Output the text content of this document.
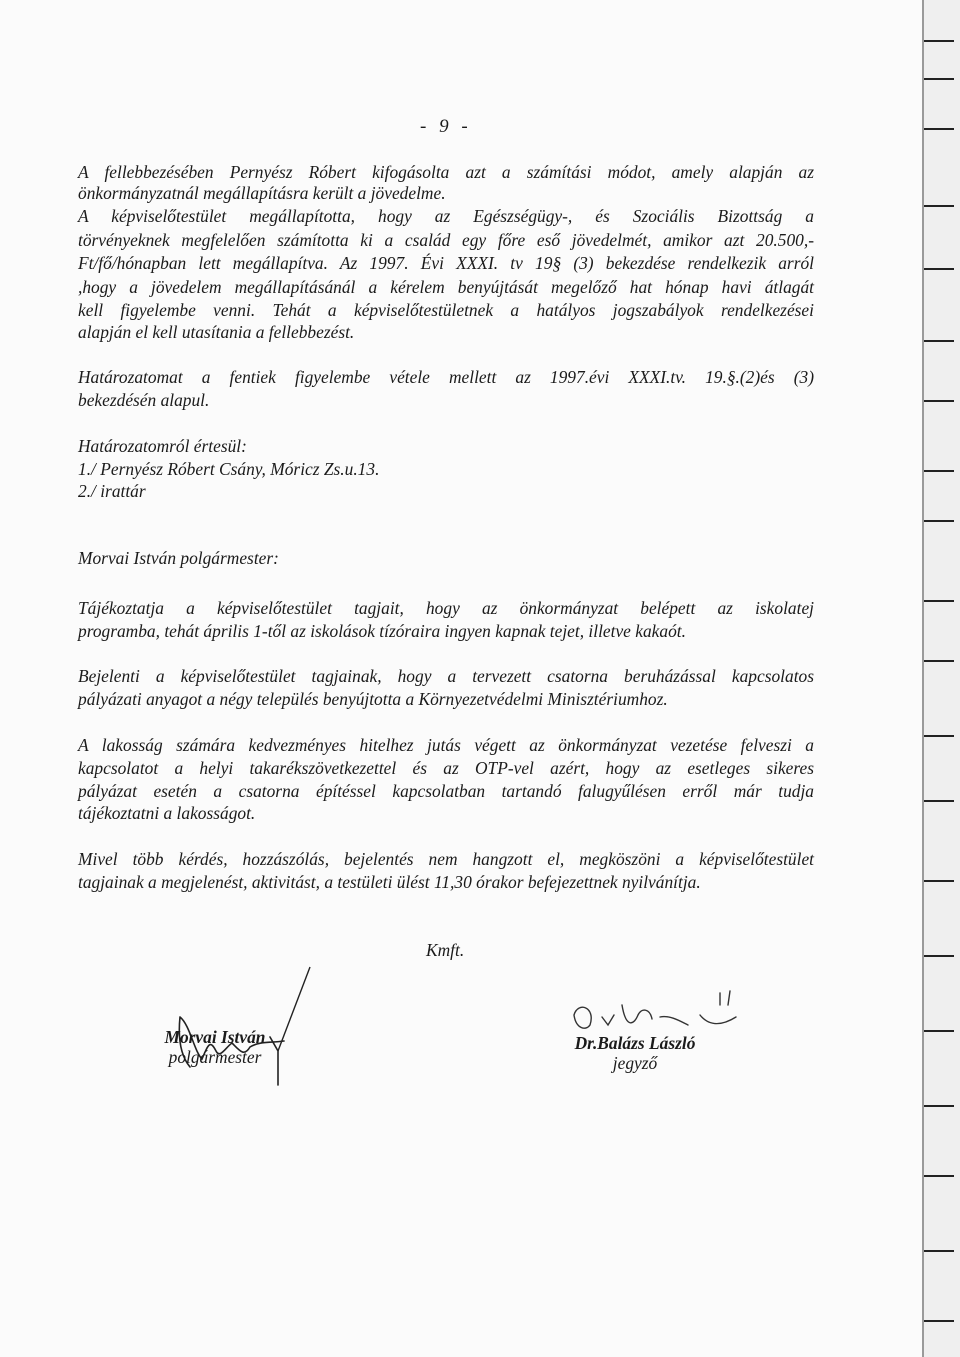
- 9 -

A fellebbezésében Pernyész Róbert kifogásolta azt a számítási módot, amely alapján az

önkormányzatnál megállapításra került a jövedelme.

A képviselőtestület megállapította, hogy az Egészségügy-, és Szociális Bizottság a

törvényeknek megfelelően számította ki a család egy főre eső jövedelmét, amikor azt 20.500,-

Ft/fő/hónapban lett megállapítva. Az 1997. Évi XXXI. tv 19§ (3) bekezdése rendelkezik arról

,hogy a jövedelem megállapításánál a kérelem benyújtását megelőző hat hónap havi átlagát

kell figyelembe venni. Tehát a képviselőtestületnek a hatályos jogszabályok rendelkezései

alapján el kell utasítania a fellebbezést.

Határozatomat a fentiek figyelembe vétele mellett az 1997.évi XXXI.tv. 19.§.(2)és (3)

bekezdésén alapul.

Határozatomról értesül:

1./ Pernyész Róbert Csány, Móricz Zs.u.13.

2./ irattár

Morvai István polgármester:

Tájékoztatja a képviselőtestület tagjait, hogy az önkormányzat belépett az iskolatej

programba, tehát április 1-től az iskolások tízóraira ingyen kapnak tejet, illetve kakaót.

Bejelenti a képviselőtestület tagjainak, hogy a tervezett csatorna beruházással kapcsolatos

pályázati anyagot a négy település benyújtotta a Környezetvédelmi Minisztériumhoz.

A lakosság számára kedvezményes hitelhez jutás végett az önkormányzat vezetése felveszi a

kapcsolatot a helyi takarékszövetkezettel és az OTP-vel azért, hogy az esetleges sikeres

pályázat esetén a csatorna építéssel kapcsolatban tartandó falugyűlésen erről már tudja

tájékoztatni a lakosságot.

Mivel több kérdés, hozzászólás, bejelentés nem hangzott el, megköszöni a képviselőtestület

tagjainak a megjelenést, aktivitást, a testületi ülést 11,30 órakor befejezettnek nyilvánítja.

Kmft.
Morvai István
polgármester
Dr.Balázs László
jegyző
